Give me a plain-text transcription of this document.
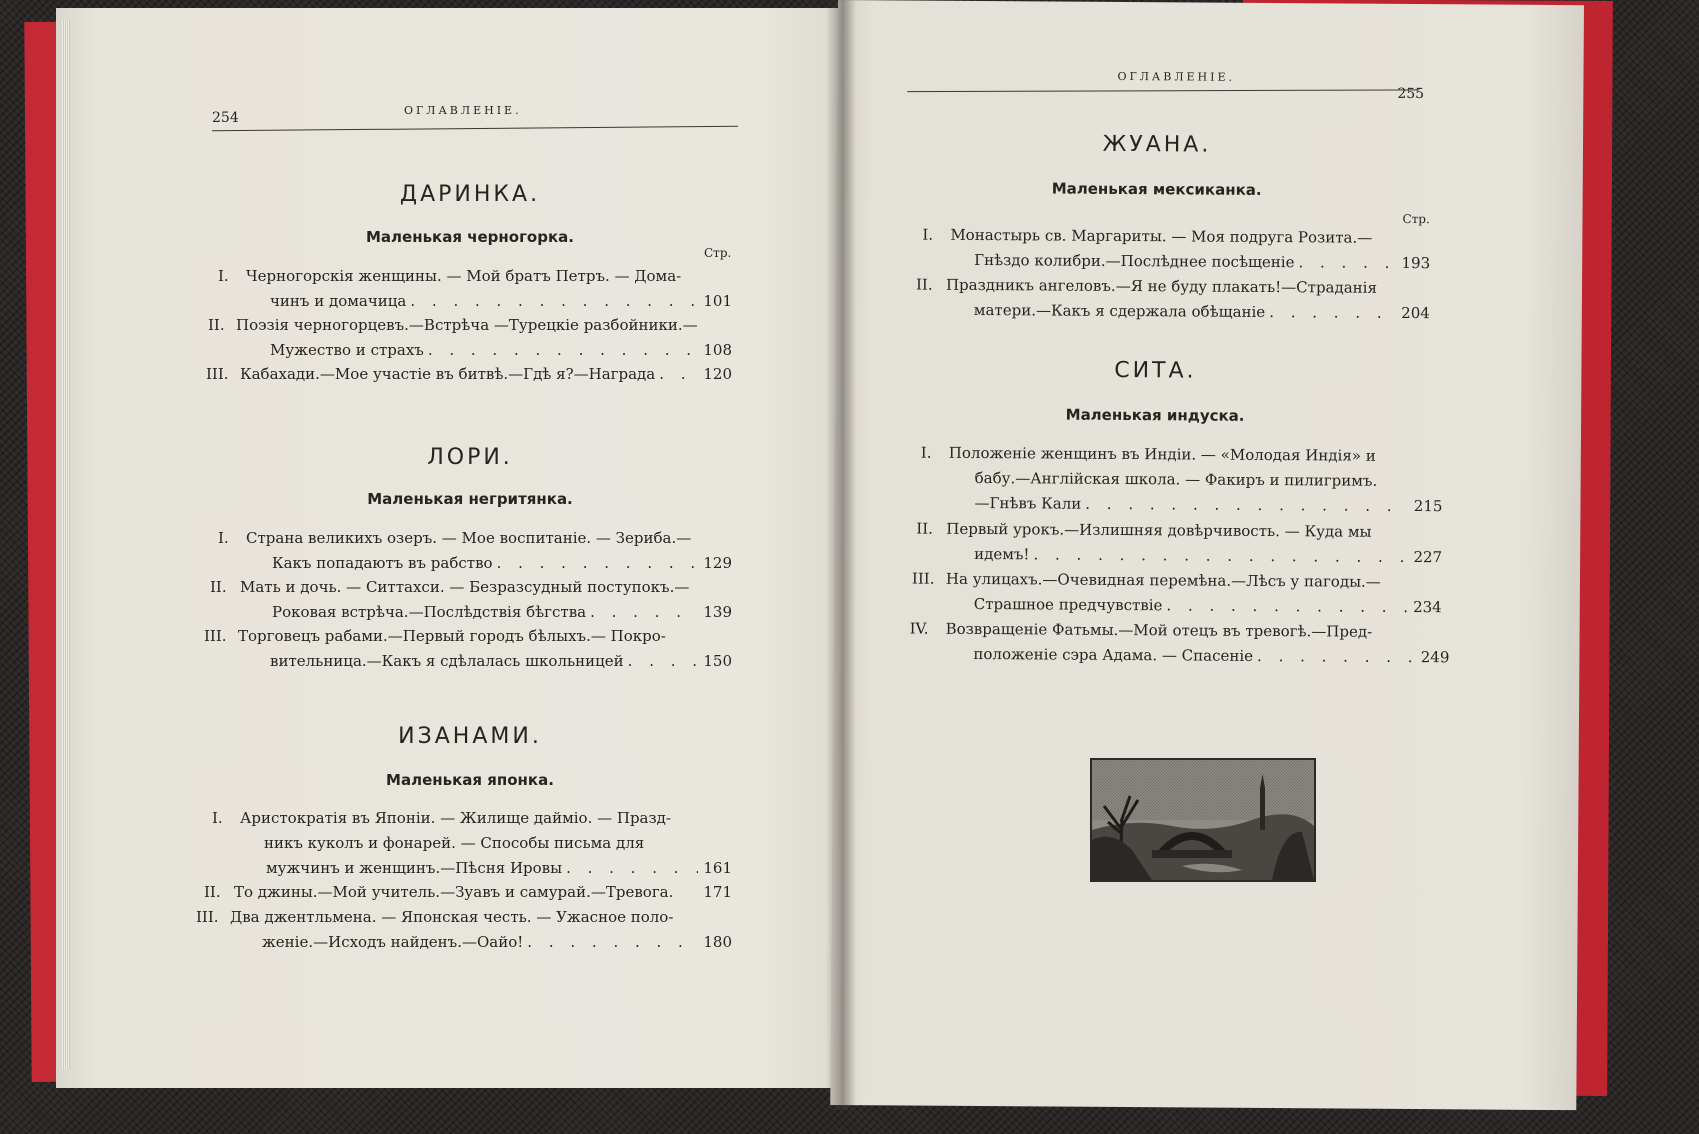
254	ОГЛАВЛЕНІЕ.
ДАРИНКА.
Маленькая черногорка.
Стр.
I. Черногорскія женщины. — Мой братъ Петръ. — Дома-
чинъ и домачица . . .	101
II. Поэзія черногорцевъ.—Встрѣча —Турецкіе разбойники.—
Мужество и страхъ . . .	108
III. Кабахади.—Мое участіе въ битвѣ.—Гдѣ я?—Награда . . .	120
ЛОРИ.
Маленькая негритянка.
I. Страна великихъ озеръ. — Мое воспитаніе. — Зериба.—
Какъ попадаютъ въ рабство . . .	129
II. Мать и дочь. — Ситтахси. — Безразсудный поступокъ.—
Роковая встрѣча.—Послѣдствія бѣгства . . .	139
III. Торговецъ рабами.—Первый городъ бѣлыхъ.— Покро-
вительница.—Какъ я сдѣлалась школьницей . . .	150
ИЗАНАМИ.
Маленькая японка.
I. Аристократія въ Японіи. — Жилище дайміо. — Празд-
никъ куколъ и фонарей. — Способы письма для
мужчинъ и женщинъ.—Пѣсня Ировы . . .	161
II. То джины.—Мой учитель.—Зуавъ и самурай.—Тревога.	171
III. Два джентльмена. — Японская честь. — Ужасное поло-
женіе.—Исходъ найденъ.—Оайо! . . .	180
ОГЛАВЛЕНІЕ.
255
ЖУАНА.
Маленькая мексиканка.
Стр.
I. Монастырь св. Маргариты. — Моя подруга Розита.—
Гнѣздо колибри.—Послѣднее посѣщеніе . . .	193
II. Праздникъ ангеловъ.—Я не буду плакать!—Страданія
матери.—Какъ я сдержала обѣщаніе . . .	204
СИТА.
Маленькая индуска.
I. Положеніе женщинъ въ Индіи. — «Молодая Индія» и
бабу.—Англійская школа. — Факиръ и пилигримъ.
—Гнѣвъ Кали . . .	215
II. Первый урокъ.—Излишняя довѣрчивость. — Куда мы
идемъ! . . .	227
III. На улицахъ.—Очевидная перемѣна.—Лѣсъ у пагоды.—
Страшное предчувствіе . . .	234
IV. Возвращеніе Фатьмы.—Мой отецъ въ тревогѣ.—Пред-
положеніе сэра Адама. — Спасеніе . . .	249
